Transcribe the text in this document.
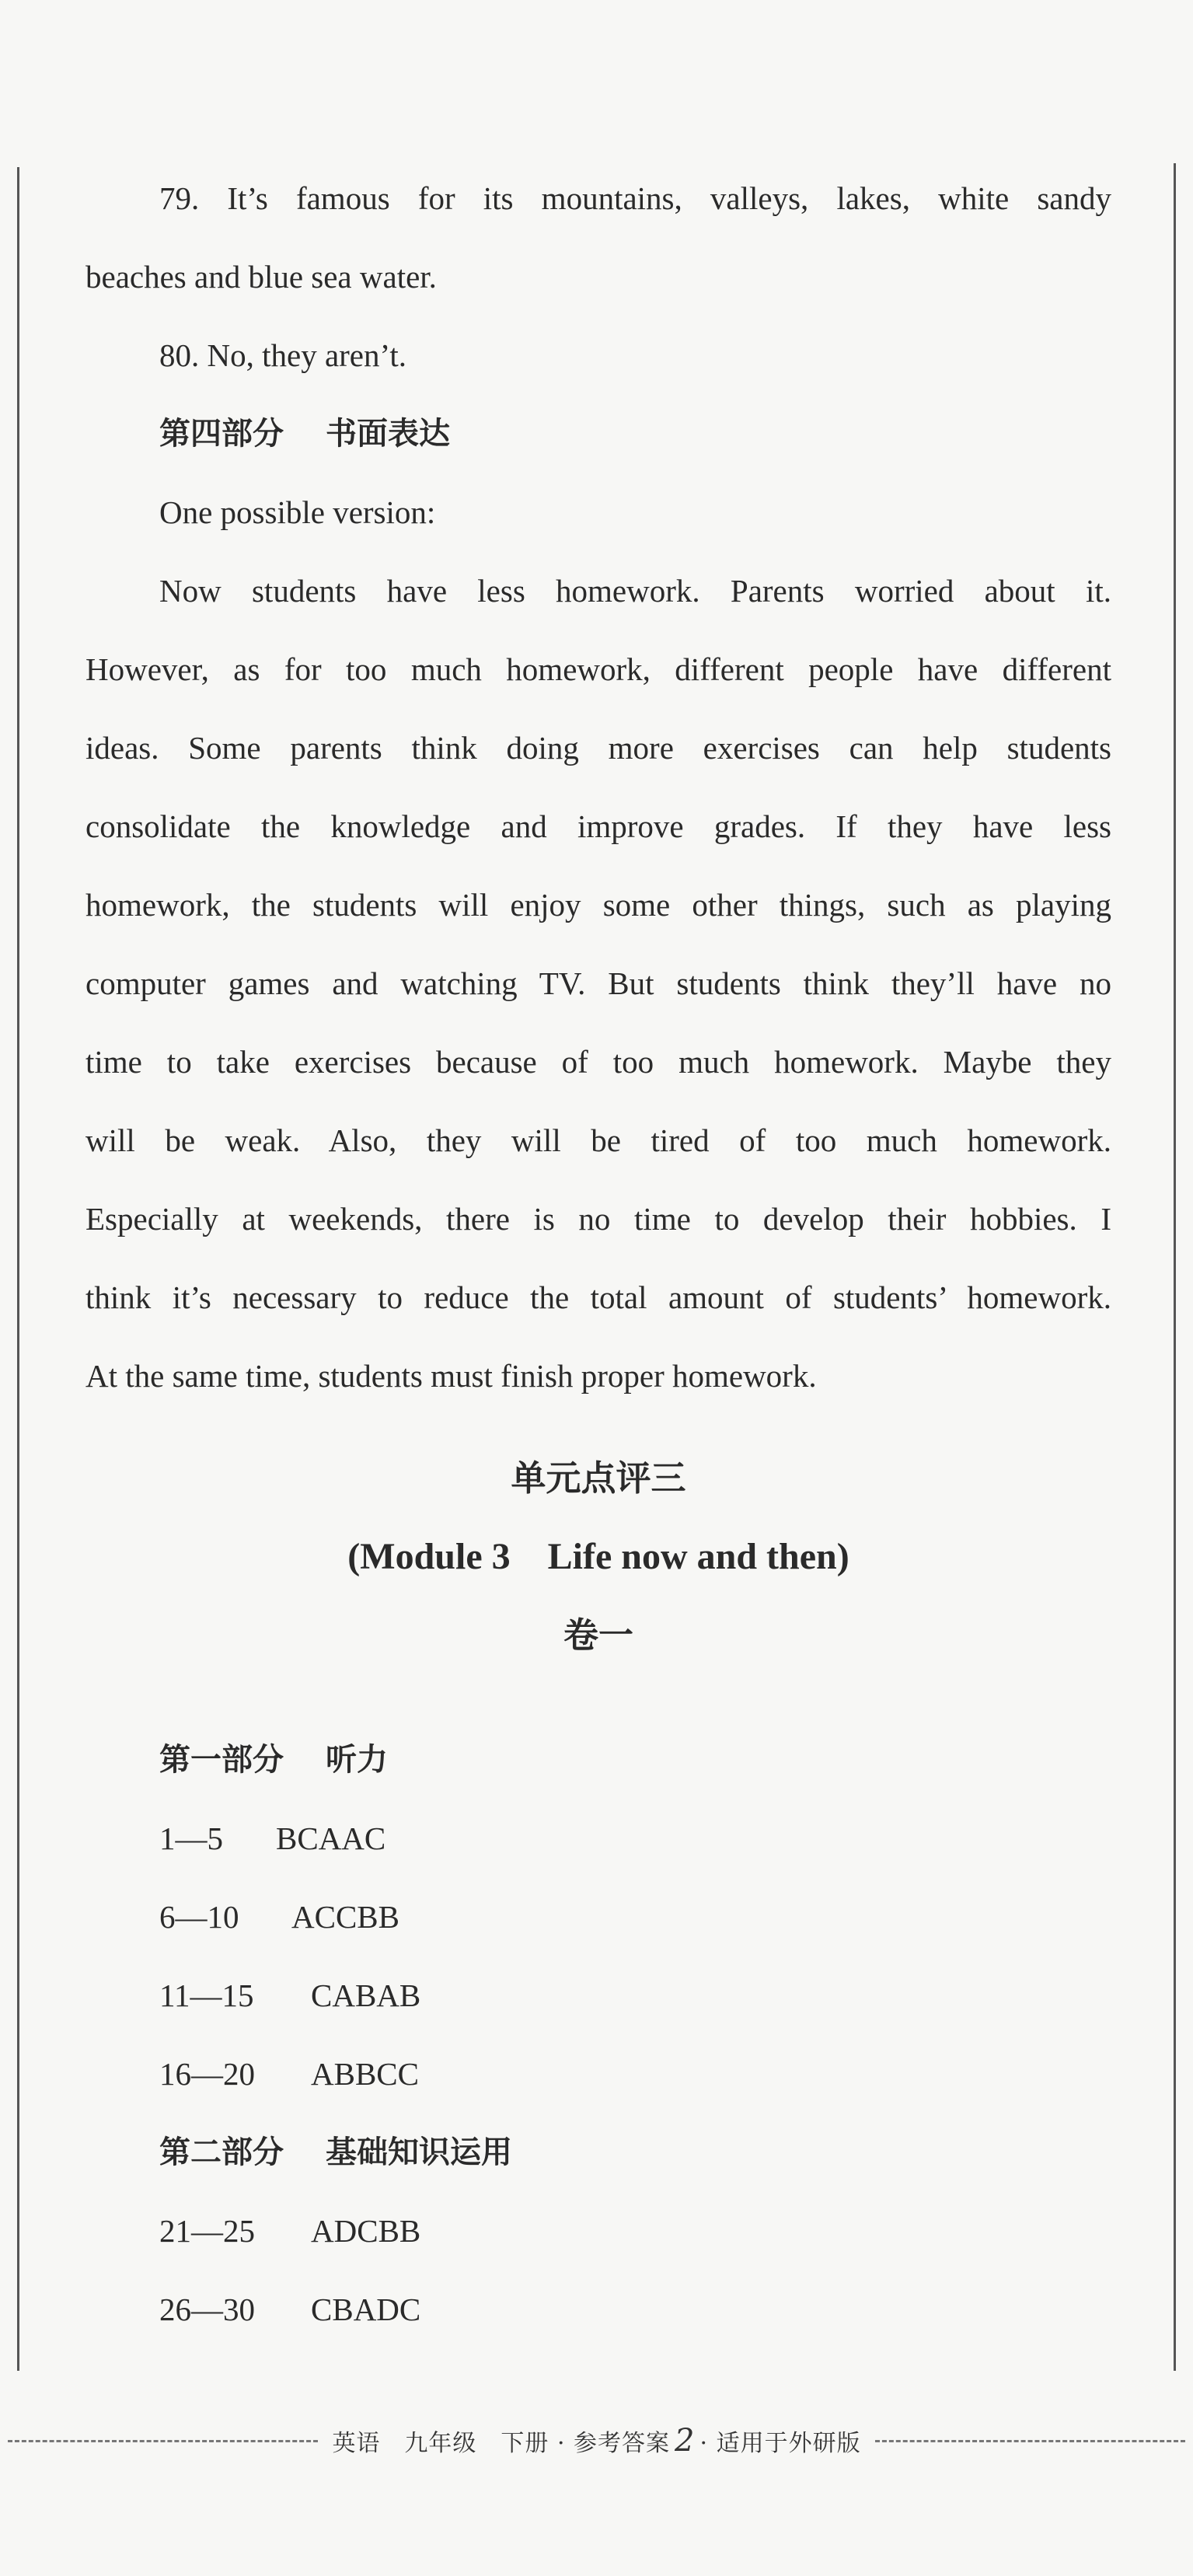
79. It’s famous for its mountains, valleys, lakes, white sandy
beaches and blue sea water.
80. No, they aren’t.
第四部分 书面表达
One possible version:
Now students have less homework. Parents worried about it.
However, as for too much homework, different people have different
ideas. Some parents think doing more exercises can help students
consolidate the knowledge and improve grades. If they have less
homework, the students will enjoy some other things, such as playing
computer games and watching TV. But students think they’ll have no
time to take exercises because of too much homework. Maybe they
will be weak. Also, they will be tired of too much homework.
Especially at weekends, there is no time to develop their hobbies. I
think it’s necessary to reduce the total amount of students’ homework.
At the same time, students must finish proper homework.
单元点评三
(Module 3　Life now and then)
卷一
第一部分 听力
1—5 BCAAC
6—10 ACCBB
11—15 CABAB
16—20 ABBCC
第二部分 基础知识运用
21—25 ADCBB
26—30 CBADC
英语　九年级　下册 · 参考答案 2 · 适用于外研版
